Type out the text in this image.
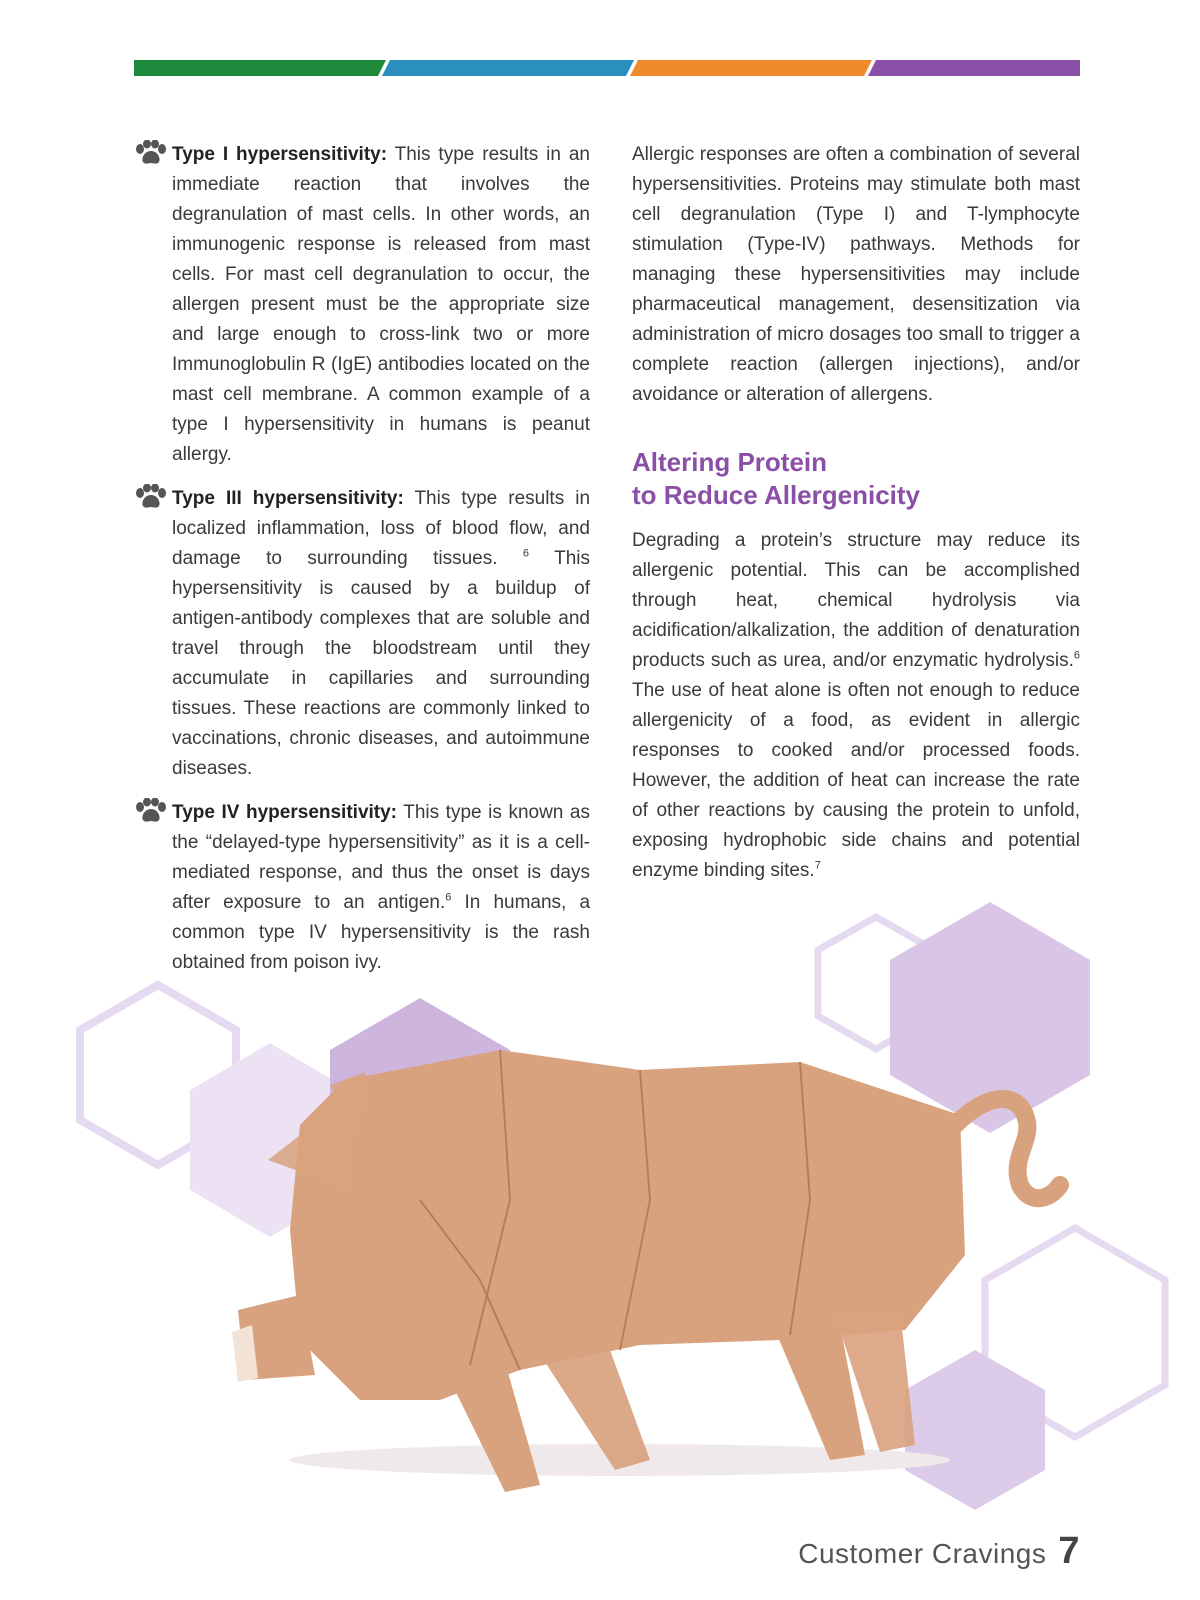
Type I hypersensitivity: This type results in an immediate reaction that involves the degranulation of mast cells. In other words, an immunogenic response is released from mast cells. For mast cell degranulation to occur, the allergen present must be the appropriate size and large enough to cross-link two or more Immunoglobulin R (IgE) antibodies located on the mast cell membrane. A common example of a type I hypersensitivity in humans is peanut allergy.

Type III hypersensitivity: This type results in localized inflammation, loss of blood flow, and damage to surrounding tissues. $^6$ This hypersensitivity is caused by a buildup of antigen-antibody complexes that are soluble and travel through the bloodstream until they accumulate in capillaries and surrounding tissues. These reactions are commonly linked to vaccinations, chronic diseases, and autoimmune diseases.

Type IV hypersensitivity: This type is known as the “delayed-type hypersensitivity” as it is a cell-mediated response, and thus the onset is days after exposure to an antigen.$^6$ In humans, a common type IV hypersensitivity is the rash obtained from poison ivy.

Allergic responses are often a combination of several hypersensitivities. Proteins may stimulate both mast cell degranulation (Type I) and T-lymphocyte stimulation (Type-IV) pathways. Methods for managing these hypersensitivities may include pharmaceutical management, desensitization via administration of micro dosages too small to trigger a complete reaction (allergen injections), and/or avoidance or alteration of allergens.

Altering Protein
to Reduce Allergenicity

Degrading a protein’s structure may reduce its allergenic potential. This can be accomplished through heat, chemical hydrolysis via acidification/alkalization, the addition of denaturation products such as urea, and/or enzymatic hydrolysis.$^6$ The use of heat alone is often not enough to reduce allergenicity of a food, as evident in allergic responses to cooked and/or processed foods. However, the addition of heat can increase the rate of other reactions by causing the protein to unfold, exposing hydrophobic side chains and potential enzyme binding sites.$^7$

Customer Cravings 7
